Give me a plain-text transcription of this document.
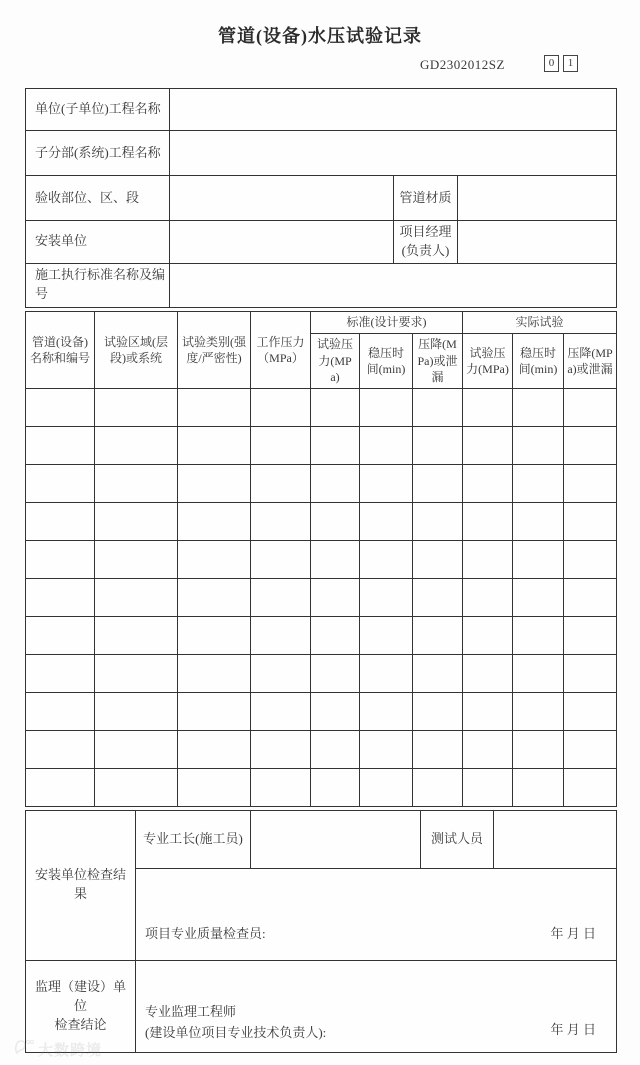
管道(设备)水压试验记录
GD2302012SZ	0	1
单位(子单位)工程名称			
子分部(系统)工程名称			
验收部位、区、段		管道材质	
安装单位		项目经理
(负责人)	

施工执行标准名称及编号			
管道(设备)名称和编号	试验区域(层段)或系统	试验类别(强度/严密性)	工作压力（MPa）	标准(设计要求)			实际试验		
				试验压力(MPa)	稳压时间(min)	压降(MPa)或泄漏	试验压力(MPa)	稳压时间(min)	压降(MPa)或泄漏

安装单位检查结果	专业工长(施工员)		测试人员	

	项目专业质量检查员: 年 月 日			

监理（建设）单位
检查结论	专业监理工程师
(建设单位项目专业技术负责人): 年 月 日			
大数跨境
